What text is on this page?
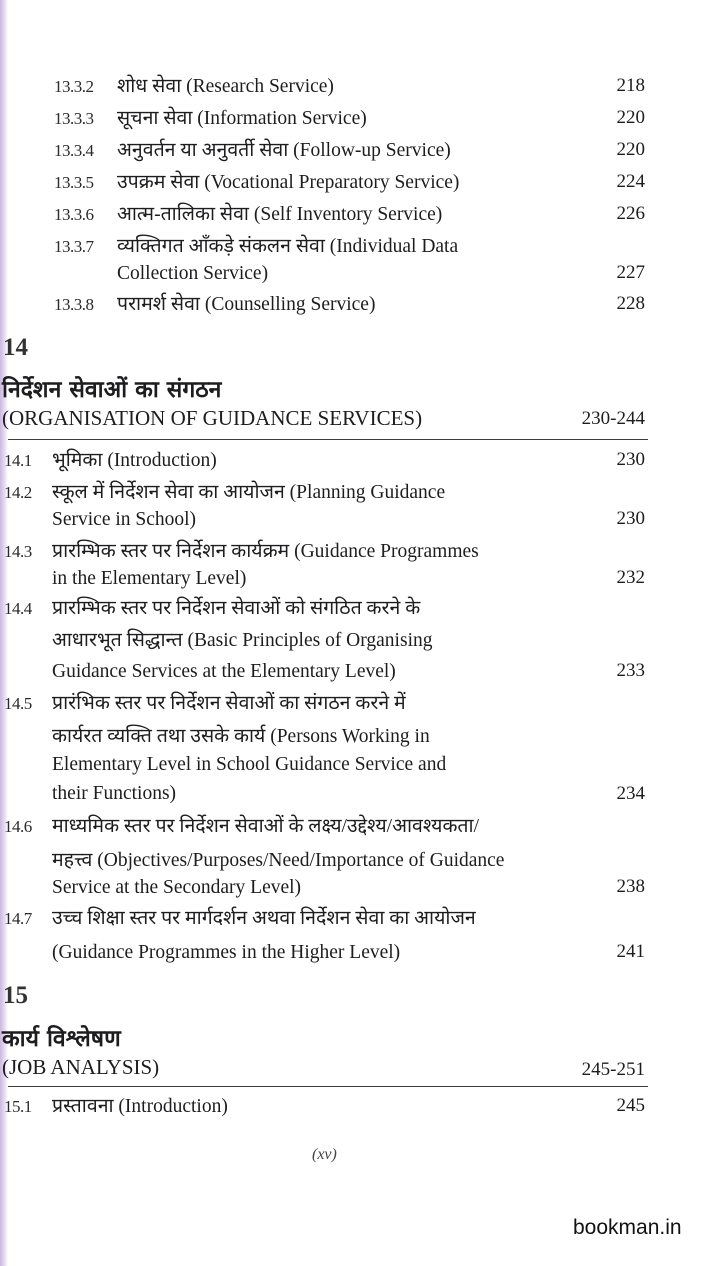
13.3.2 शोध सेवा (Research Service)	218
13.3.3 सूचना सेवा (Information Service)	220
13.3.4 अनुवर्तन या अनुवर्ती सेवा (Follow-up Service)	220
13.3.5 उपक्रम सेवा (Vocational Preparatory Service)	224
13.3.6 आत्म-तालिका सेवा (Self Inventory Service)	226
13.3.7 व्यक्तिगत आँकड़े संकलन सेवा (Individual Data
Collection Service)	227
13.3.8 परामर्श सेवा (Counselling Service)	228
14
निर्देशन सेवाओं का संगठन
(ORGANISATION OF GUIDANCE SERVICES)	230-244
14.1 भूमिका (Introduction)	230
14.2 स्कूल में निर्देशन सेवा का आयोजन (Planning Guidance
Service in School)	230
14.3 प्रारम्भिक स्तर पर निर्देशन कार्यक्रम (Guidance Programmes
in the Elementary Level)	232
14.4 प्रारम्भिक स्तर पर निर्देशन सेवाओं को संगठित करने के
आधारभूत सिद्धान्त (Basic Principles of Organising
Guidance Services at the Elementary Level)	233
14.5 प्रारंभिक स्तर पर निर्देशन सेवाओं का संगठन करने में
कार्यरत व्यक्ति तथा उसके कार्य (Persons Working in
Elementary Level in School Guidance Service and
their Functions)	234
14.6 माध्यमिक स्तर पर निर्देशन सेवाओं के लक्ष्य/उद्देश्य/आवश्यकता/
महत्त्व (Objectives/Purposes/Need/Importance of Guidance
Service at the Secondary Level)	238
14.7 उच्च शिक्षा स्तर पर मार्गदर्शन अथवा निर्देशन सेवा का आयोजन
(Guidance Programmes in the Higher Level)	241
15
कार्य विश्लेषण
(JOB ANALYSIS)	245-251
15.1 प्रस्तावना (Introduction)	245
(xv)
bookman.in
